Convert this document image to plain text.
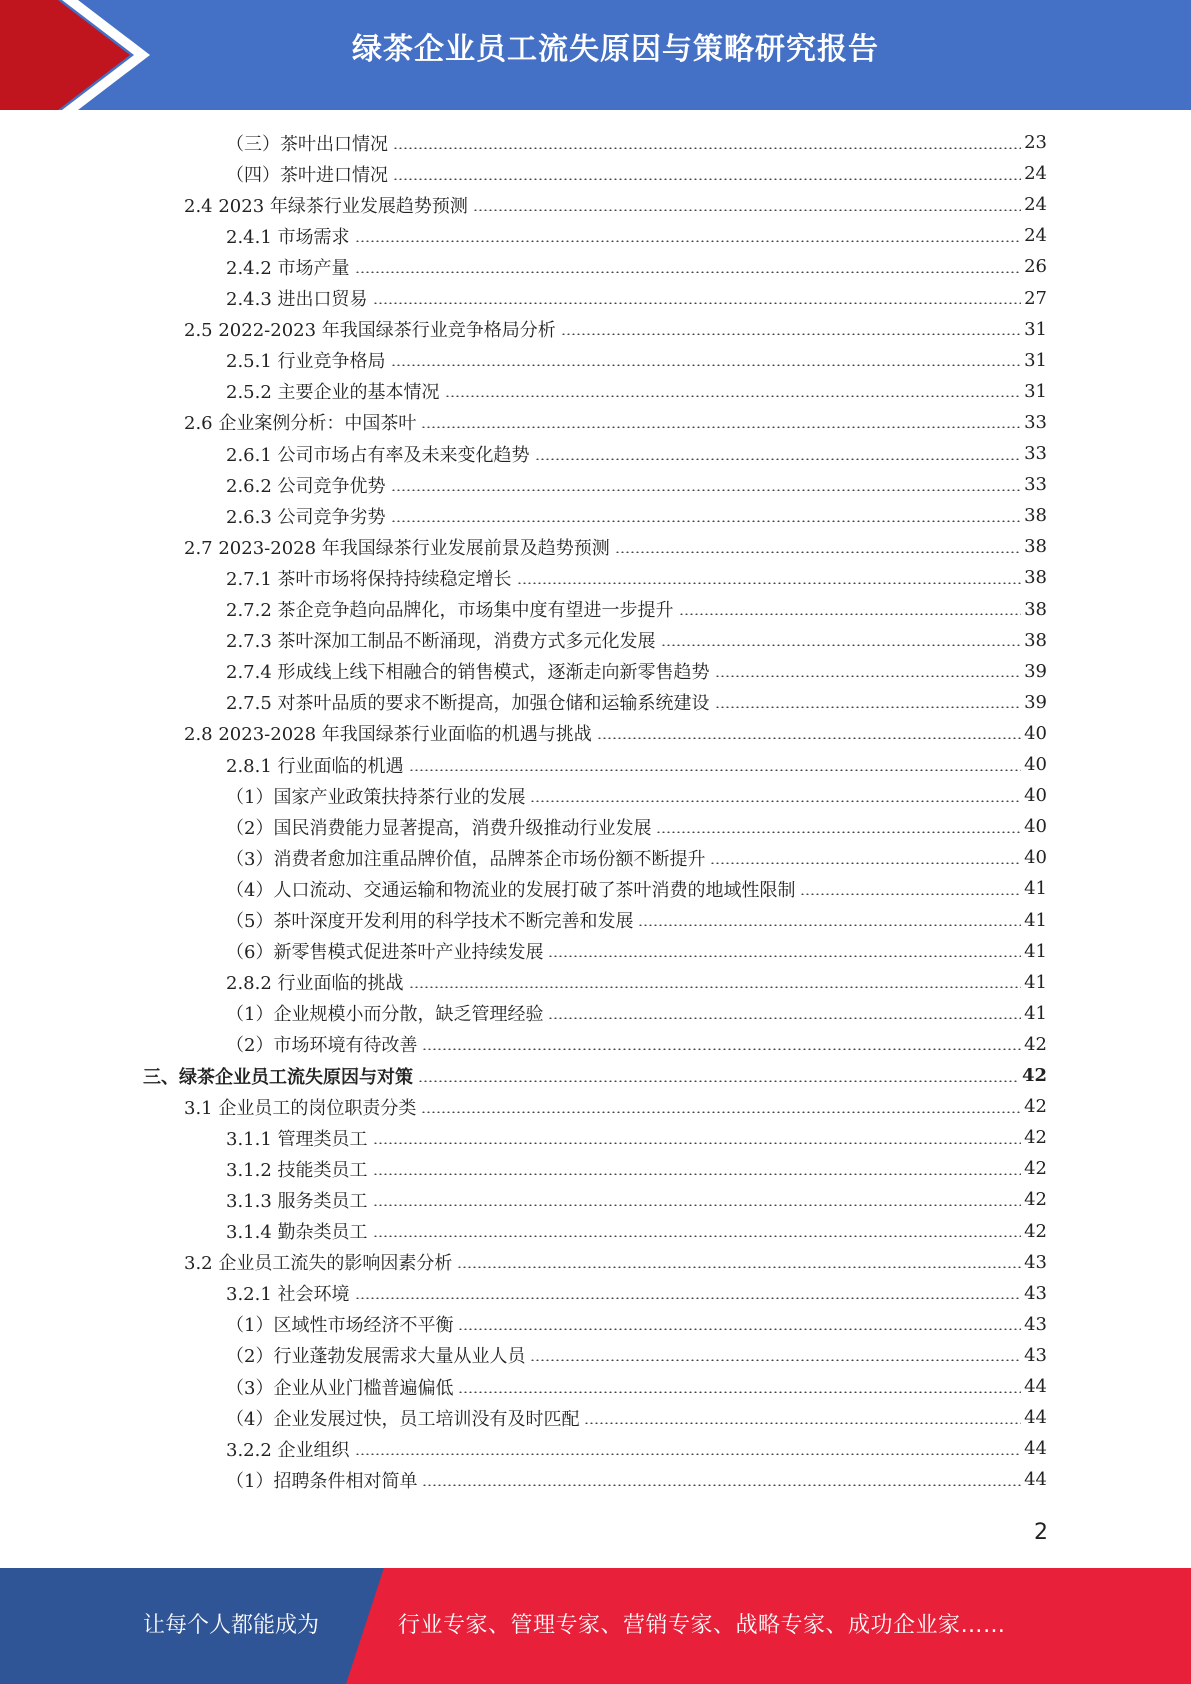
绿茶企业员工流失原因与策略研究报告
（三）茶叶出口情况	23
（四）茶叶进口情况	24
2.4 2023 年绿茶行业发展趋势预测	24
2.4.1 市场需求	24
2.4.2 市场产量	26
2.4.3 进出口贸易	27
2.5 2022-2023 年我国绿茶行业竞争格局分析	31
2.5.1 行业竞争格局	31
2.5.2 主要企业的基本情况	31
2.6 企业案例分析：中国茶叶	33
2.6.1 公司市场占有率及未来变化趋势	33
2.6.2 公司竞争优势	33
2.6.3 公司竞争劣势	38
2.7 2023-2028 年我国绿茶行业发展前景及趋势预测	38
2.7.1 茶叶市场将保持持续稳定增长	38
2.7.2 茶企竞争趋向品牌化，市场集中度有望进一步提升	38
2.7.3 茶叶深加工制品不断涌现，消费方式多元化发展	38
2.7.4 形成线上线下相融合的销售模式，逐渐走向新零售趋势	39
2.7.5 对茶叶品质的要求不断提高，加强仓储和运输系统建设	39
2.8 2023-2028 年我国绿茶行业面临的机遇与挑战	40
2.8.1 行业面临的机遇	40
（1）国家产业政策扶持茶行业的发展	40
（2）国民消费能力显著提高，消费升级推动行业发展	40
（3）消费者愈加注重品牌价值，品牌茶企市场份额不断提升	40
（4）人口流动、交通运输和物流业的发展打破了茶叶消费的地域性限制	41
（5）茶叶深度开发利用的科学技术不断完善和发展	41
（6）新零售模式促进茶叶产业持续发展	41
2.8.2 行业面临的挑战	41
（1）企业规模小而分散，缺乏管理经验	41
（2）市场环境有待改善	42
三、绿茶企业员工流失原因与对策	42
3.1 企业员工的岗位职责分类	42
3.1.1 管理类员工	42
3.1.2 技能类员工	42
3.1.3 服务类员工	42
3.1.4 勤杂类员工	42
3.2 企业员工流失的影响因素分析	43
3.2.1 社会环境	43
（1）区域性市场经济不平衡	43
（2）行业蓬勃发展需求大量从业人员	43
（3）企业从业门槛普遍偏低	44
（4）企业发展过快，员工培训没有及时匹配	44
3.2.2 企业组织	44
（1）招聘条件相对简单	44
2
让每个人都能成为	行业专家、管理专家、营销专家、战略专家、成功企业家……
